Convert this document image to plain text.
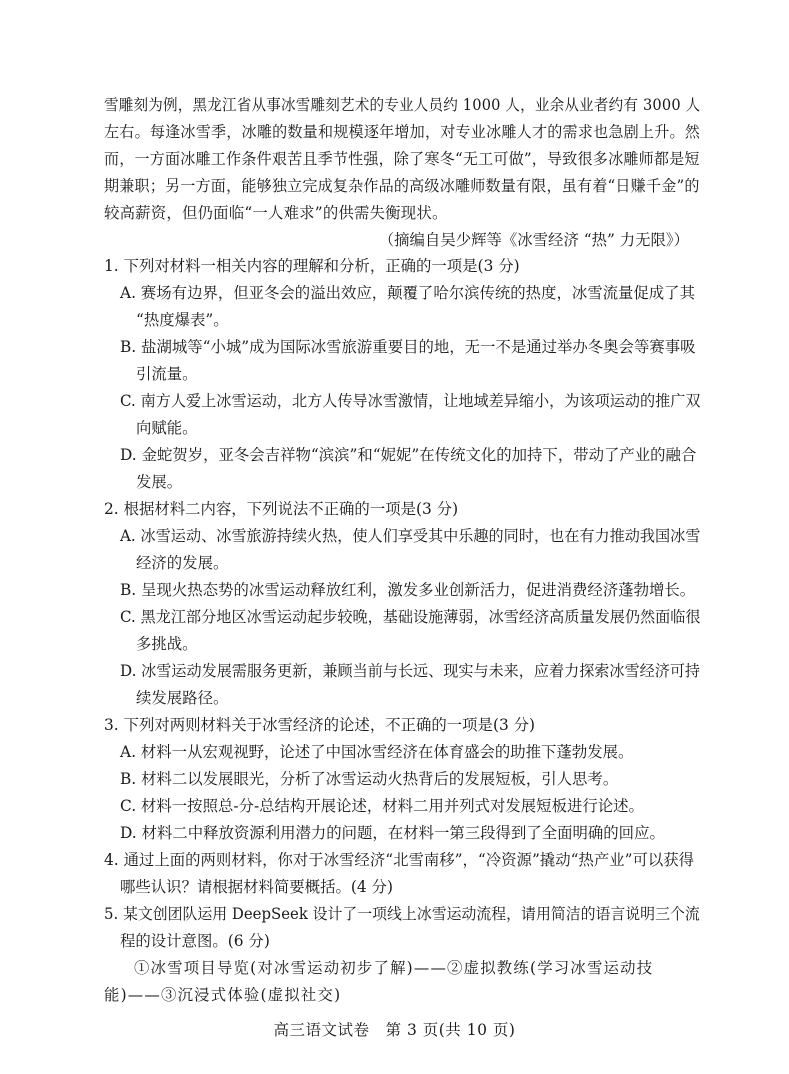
雪雕刻为例，黑龙江省从事冰雪雕刻艺术的专业人员约 1000 人，业余从业者约有 3000 人

左右。每逢冰雪季，冰雕的数量和规模逐年增加，对专业冰雕人才的需求也急剧上升。然

而，一方面冰雕工作条件艰苦且季节性强，除了寒冬“无工可做”，导致很多冰雕师都是短

期兼职；另一方面，能够独立完成复杂作品的高级冰雕师数量有限，虽有着“日赚千金”的

较高薪资，但仍面临“一人难求”的供需失衡现状。

（摘编自吴少辉等《冰雪经济 “热” 力无限》）

1. 下列对材料一相关内容的理解和分析，正确的一项是(3 分)

A. 赛场有边界，但亚冬会的溢出效应，颠覆了哈尔滨传统的热度，冰雪流量促成了其

“热度爆表”。

B. 盐湖城等“小城”成为国际冰雪旅游重要目的地，无一不是通过举办冬奥会等赛事吸

引流量。

C. 南方人爱上冰雪运动，北方人传导冰雪激情，让地域差异缩小，为该项运动的推广双

向赋能。

D. 金蛇贺岁，亚冬会吉祥物“滨滨”和“妮妮”在传统文化的加持下，带动了产业的融合

发展。

2. 根据材料二内容，下列说法不正确的一项是(3 分)

A. 冰雪运动、冰雪旅游持续火热，使人们享受其中乐趣的同时，也在有力推动我国冰雪

经济的发展。

B. 呈现火热态势的冰雪运动释放红利，激发多业创新活力，促进消费经济蓬勃增长。

C. 黑龙江部分地区冰雪运动起步较晚，基础设施薄弱，冰雪经济高质量发展仍然面临很

多挑战。

D. 冰雪运动发展需服务更新，兼顾当前与长远、现实与未来，应着力探索冰雪经济可持

续发展路径。

3. 下列对两则材料关于冰雪经济的论述，不正确的一项是(3 分)

A. 材料一从宏观视野，论述了中国冰雪经济在体育盛会的助推下蓬勃发展。

B. 材料二以发展眼光，分析了冰雪运动火热背后的发展短板，引人思考。

C. 材料一按照总-分-总结构开展论述，材料二用并列式对发展短板进行论述。

D. 材料二中释放资源利用潜力的问题，在材料一第三段得到了全面明确的回应。

4. 通过上面的两则材料，你对于冰雪经济“北雪南移”，“冷资源”撬动“热产业”可以获得

哪些认识？请根据材料简要概括。(4 分)

5. 某文创团队运用 DeepSeek 设计了一项线上冰雪运动流程，请用简洁的语言说明三个流

程的设计意图。(6 分)

①冰雪项目导览(对冰雪运动初步了解)——②虚拟教练(学习冰雪运动技

能)——③沉浸式体验(虚拟社交)

高三语文试卷　第 3 页(共 10 页)
